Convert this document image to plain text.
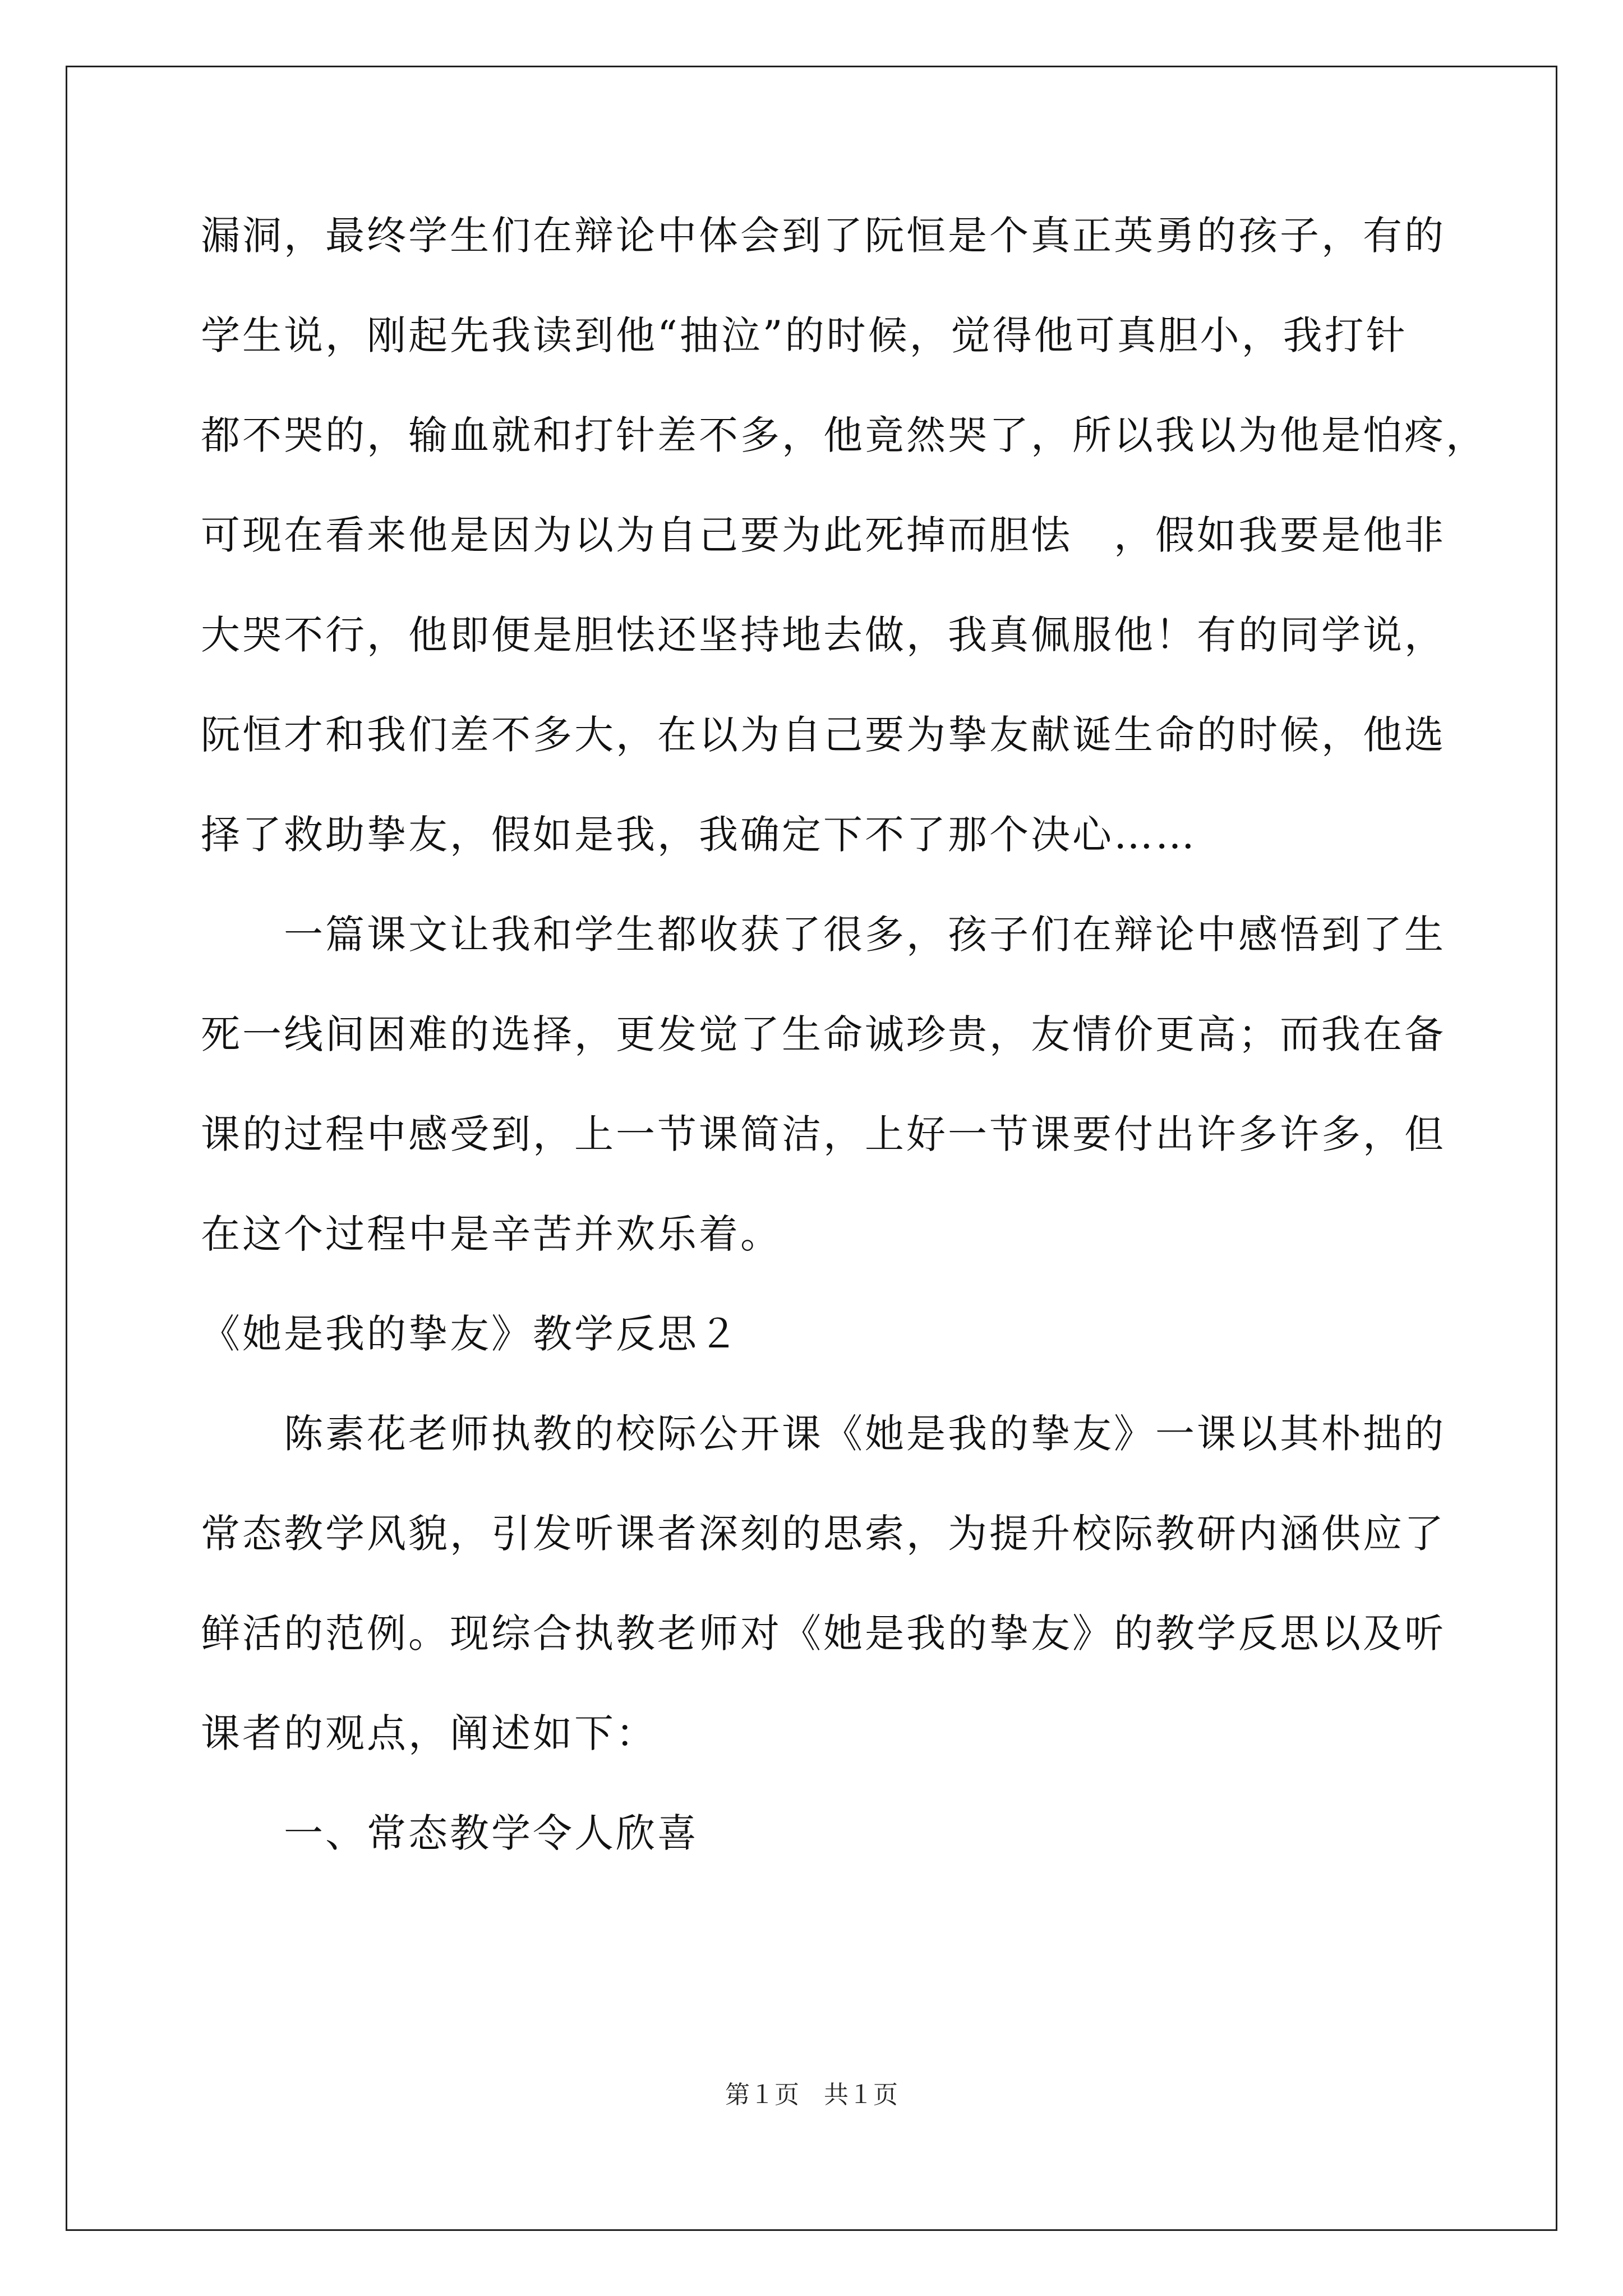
漏洞，最终学生们在辩论中体会到了阮恒是个真正英勇的孩子，有的
学生说，刚起先我读到他“抽泣”的时候，觉得他可真胆小，我打针
都不哭的，输血就和打针差不多，他竟然哭了，所以我以为他是怕疼，
可现在看来他是因为以为自己要为此死掉而胆怯　，假如我要是他非
大哭不行，他即便是胆怯还坚持地去做，我真佩服他！有的同学说，
阮恒才和我们差不多大，在以为自己要为挚友献诞生命的时候，他选
择了救助挚友，假如是我，我确定下不了那个决心……
　　一篇课文让我和学生都收获了很多，孩子们在辩论中感悟到了生
死一线间困难的选择，更发觉了生命诚珍贵，友情价更高；而我在备
课的过程中感受到，上一节课简洁，上好一节课要付出许多许多，但
在这个过程中是辛苦并欢乐着。
《她是我的挚友》教学反思２
　　陈素花老师执教的校际公开课《她是我的挚友》一课以其朴拙的
常态教学风貌，引发听课者深刻的思索，为提升校际教研内涵供应了
鲜活的范例。现综合执教老师对《她是我的挚友》的教学反思以及听
课者的观点，阐述如下：
　　一、常态教学令人欣喜
第１页　共１页
